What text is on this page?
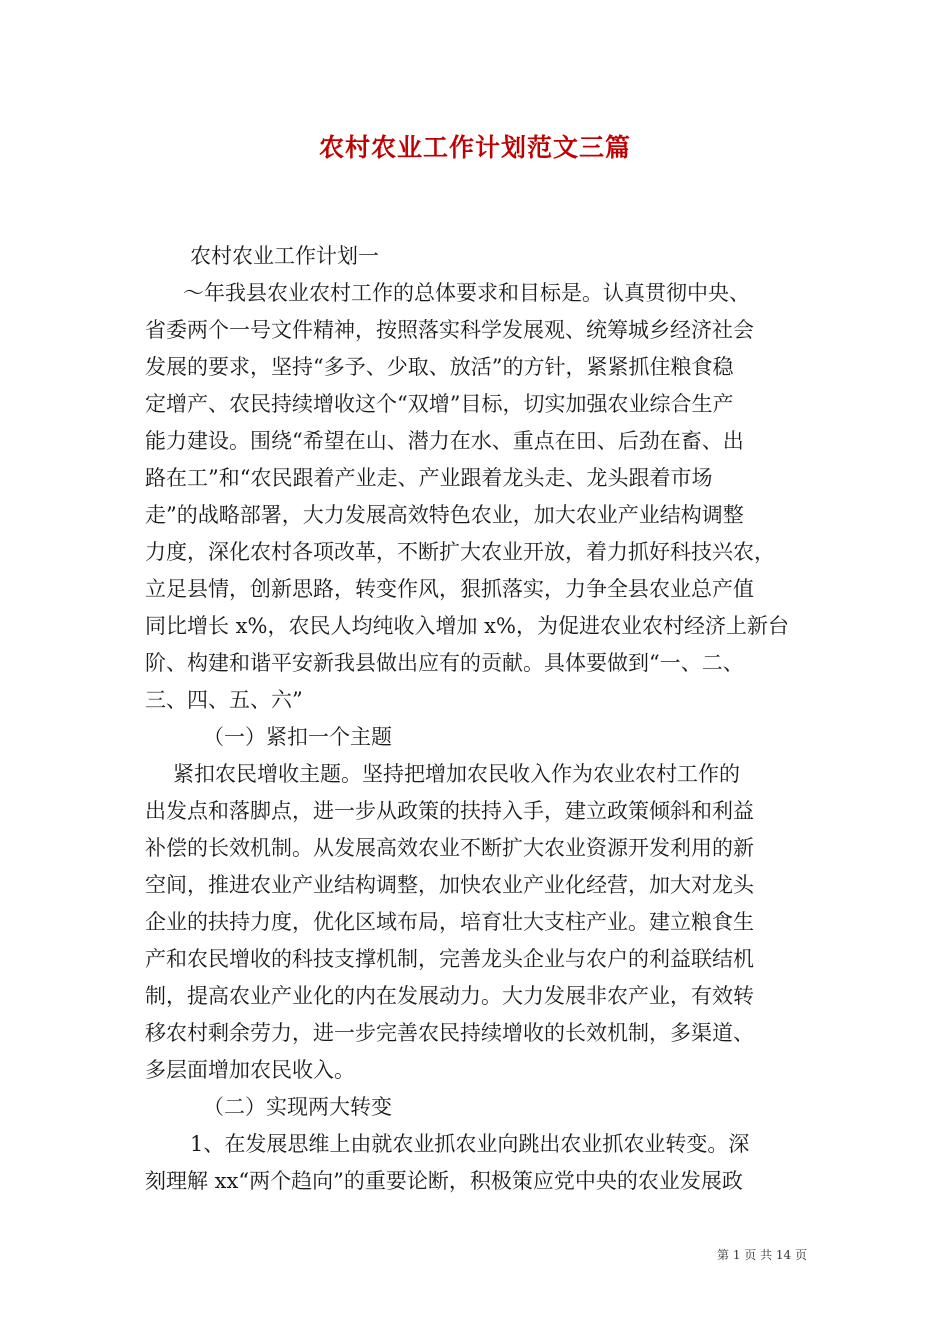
农村农业工作计划范文三篇
农村农业工作计划一
～年我县农业农村工作的总体要求和目标是。认真贯彻中央、
省委两个一号文件精神，按照落实科学发展观、统筹城乡经济社会
发展的要求，坚持“多予、少取、放活”的方针，紧紧抓住粮食稳
定增产、农民持续增收这个“双增”目标，切实加强农业综合生产
能力建设。围绕“希望在山、潜力在水、重点在田、后劲在畜、出
路在工”和“农民跟着产业走、产业跟着龙头走、龙头跟着市场
走”的战略部署，大力发展高效特色农业，加大农业产业结构调整
力度，深化农村各项改革，不断扩大农业开放，着力抓好科技兴农，
立足县情，创新思路，转变作风，狠抓落实，力争全县农业总产值
同比增长 x%，农民人均纯收入增加 x%，为促进农业农村经济上新台
阶、构建和谐平安新我县做出应有的贡献。具体要做到“一、二、
三、四、五、六”
（一）紧扣一个主题
紧扣农民增收主题。坚持把增加农民收入作为农业农村工作的
出发点和落脚点，进一步从政策的扶持入手，建立政策倾斜和利益
补偿的长效机制。从发展高效农业不断扩大农业资源开发利用的新
空间，推进农业产业结构调整，加快农业产业化经营，加大对龙头
企业的扶持力度，优化区域布局，培育壮大支柱产业。建立粮食生
产和农民增收的科技支撑机制，完善龙头企业与农户的利益联结机
制，提高农业产业化的内在发展动力。大力发展非农产业，有效转
移农村剩余劳力，进一步完善农民持续增收的长效机制，多渠道、
多层面增加农民收入。
（二）实现两大转变
1、在发展思维上由就农业抓农业向跳出农业抓农业转变。深
刻理解 xx“两个趋向”的重要论断，积极策应党中央的农业发展政
第 1 页 共 14 页
